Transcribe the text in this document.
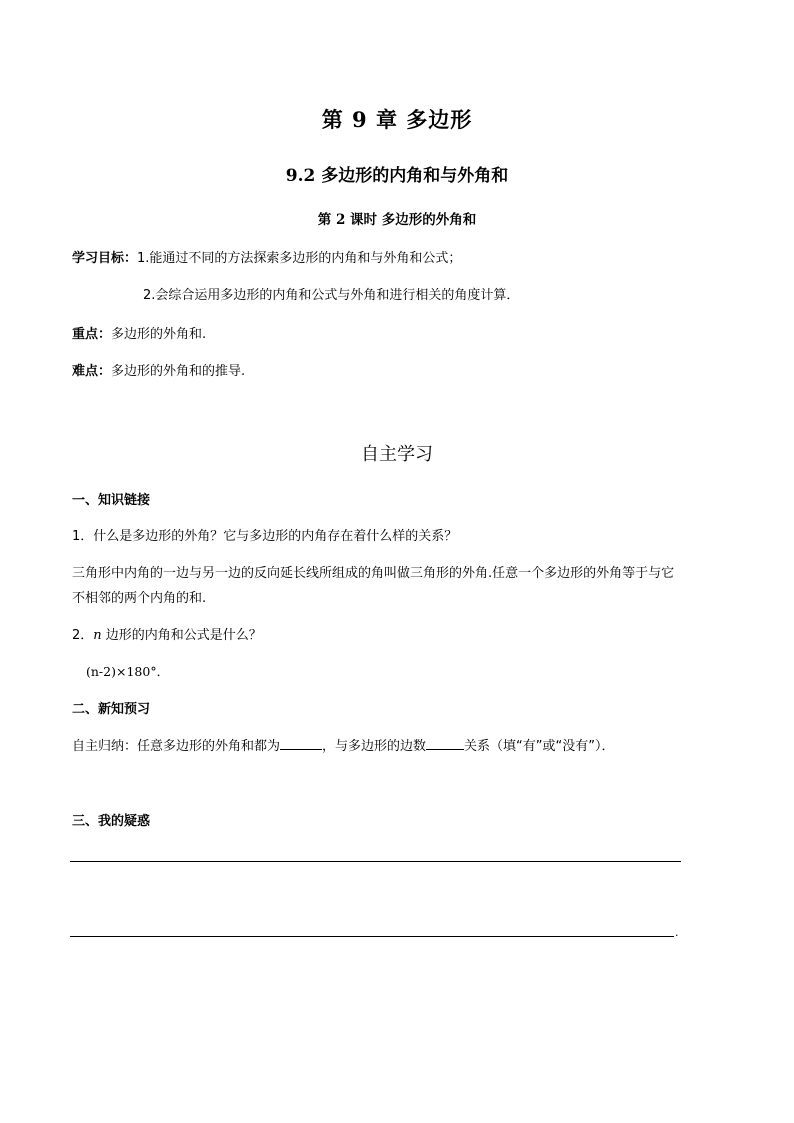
第 9 章 多边形
9.2 多边形的内角和与外角和
第 2 课时 多边形的外角和
学习目标：1.能通过不同的方法探索多边形的内角和与外角和公式；
2.会综合运用多边形的内角和公式与外角和进行相关的角度计算．
重点：多边形的外角和.
难点：多边形的外角和的推导.
自主学习
一、知识链接
1．什么是多边形的外角？它与多边形的内角存在着什么样的关系？
三角形中内角的一边与另一边的反向延长线所组成的角叫做三角形的外角.任意一个多边形的外角等于与它
不相邻的两个内角的和.
2．n 边形的内角和公式是什么？
(n-2)×180°．
二、新知预习
自主归纳：任意多边形的外角和都为	，与多边形的边数	关系（填“有”或“没有”）．
三、我的疑惑
.
